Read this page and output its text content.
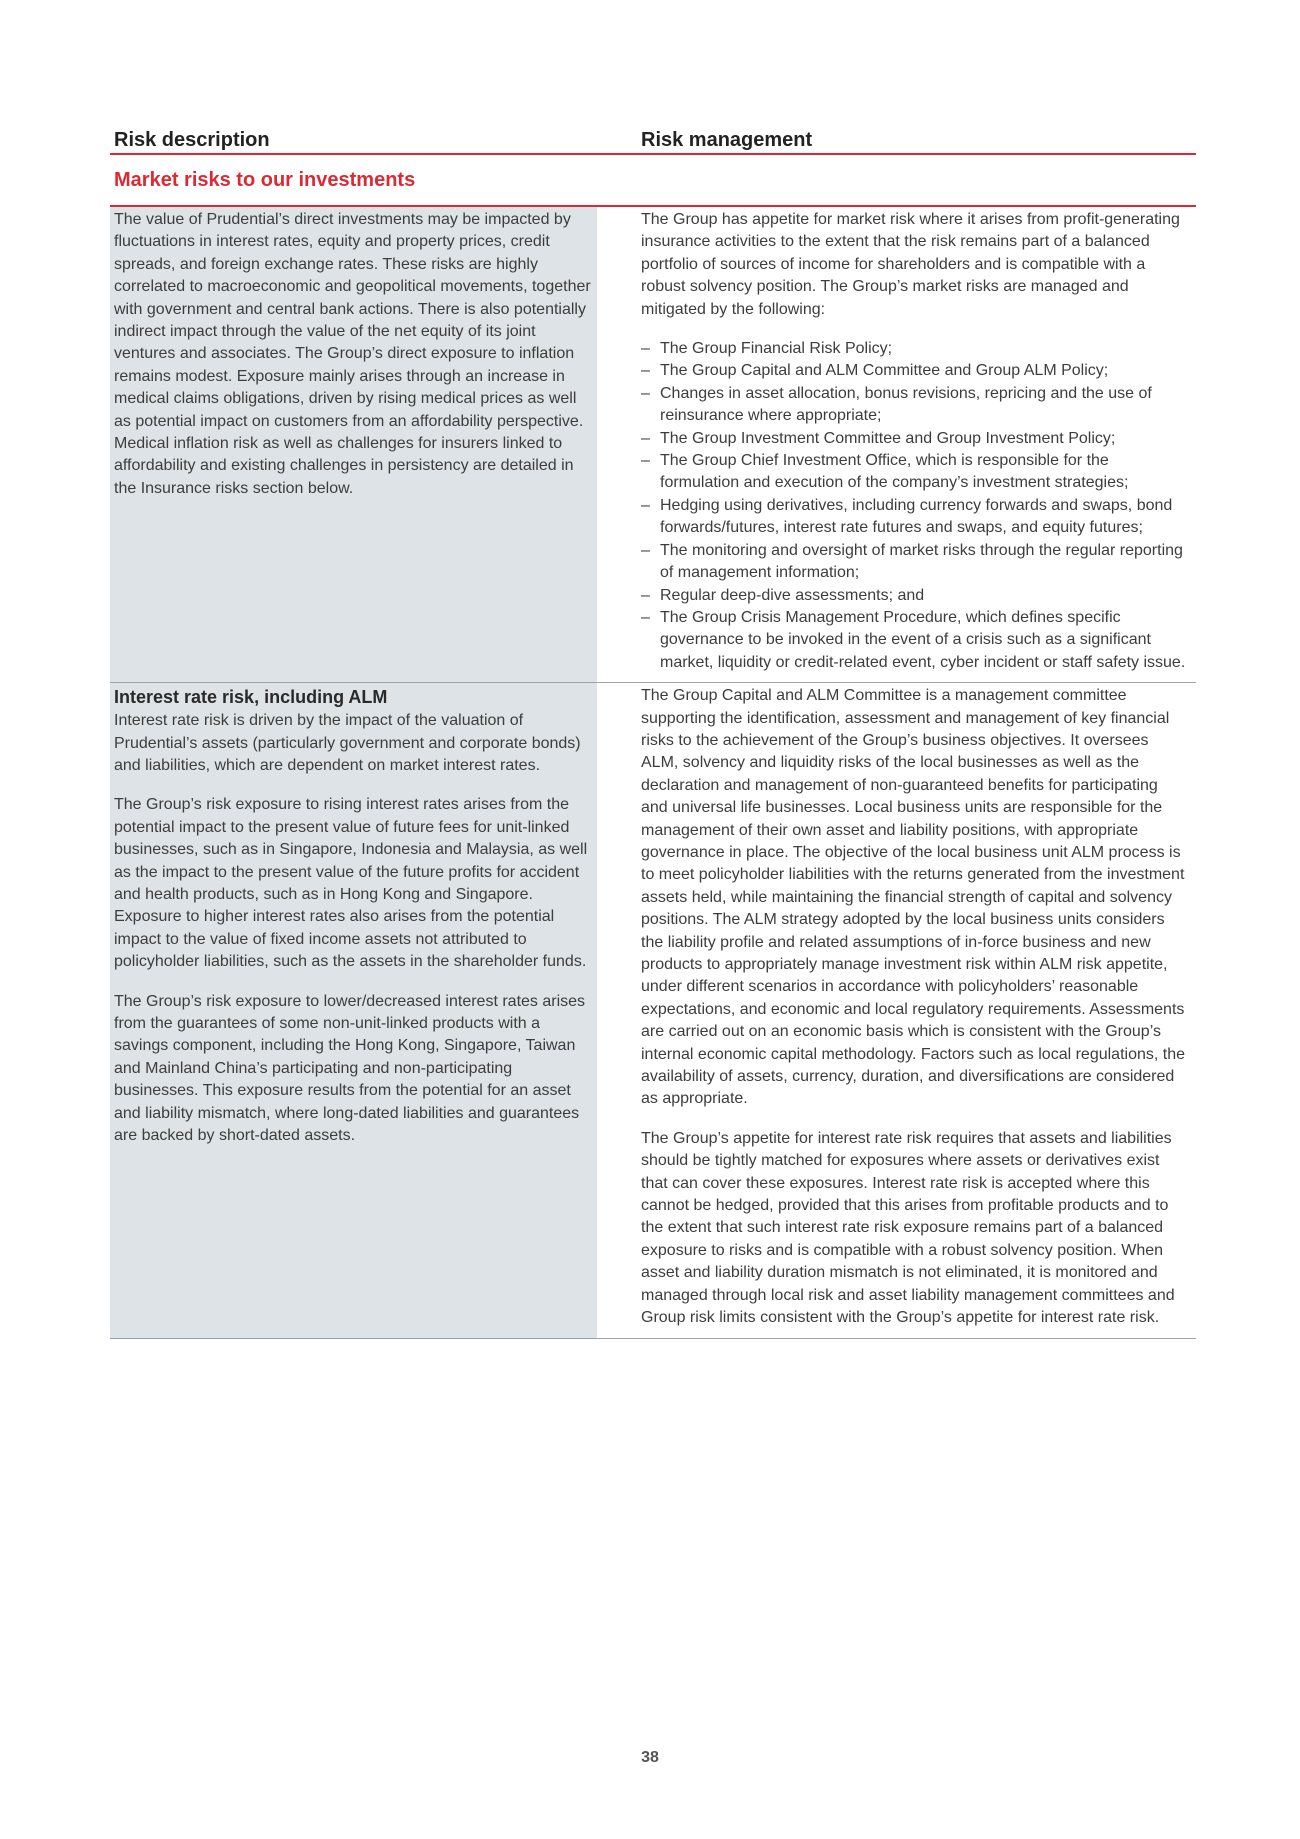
Risk description	Risk management
Market risks to our investments

The value of Prudential’s direct investments may be impacted by fluctuations in interest rates, equity and property prices, credit spreads, and foreign exchange rates. These risks are highly correlated to macroeconomic and geopolitical movements, together with government and central bank actions. There is also potentially indirect impact through the value of the net equity of its joint ventures and associates. The Group’s direct exposure to inflation remains modest. Exposure mainly arises through an increase in medical claims obligations, driven by rising medical prices as well as potential impact on customers from an affordability perspective. Medical inflation risk as well as challenges for insurers linked to affordability and existing challenges in persistency are detailed in the Insurance risks section below.

The Group has appetite for market risk where it arises from profit-generating insurance activities to the extent that the risk remains part of a balanced portfolio of sources of income for shareholders and is compatible with a robust solvency position. The Group’s market risks are managed and mitigated by the following:

– The Group Financial Risk Policy;
– The Group Capital and ALM Committee and Group ALM Policy;
– Changes in asset allocation, bonus revisions, repricing and the use of reinsurance where appropriate;
– The Group Investment Committee and Group Investment Policy;
– The Group Chief Investment Office, which is responsible for the formulation and execution of the company’s investment strategies;
– Hedging using derivatives, including currency forwards and swaps, bond forwards/futures, interest rate futures and swaps, and equity futures;
– The monitoring and oversight of market risks through the regular reporting of management information;
– Regular deep-dive assessments; and
– The Group Crisis Management Procedure, which defines specific governance to be invoked in the event of a crisis such as a significant market, liquidity or credit-related event, cyber incident or staff safety issue.
Interest rate risk, including ALM

Interest rate risk is driven by the impact of the valuation of Prudential’s assets (particularly government and corporate bonds) and liabilities, which are dependent on market interest rates.

The Group’s risk exposure to rising interest rates arises from the potential impact to the present value of future fees for unit-linked businesses, such as in Singapore, Indonesia and Malaysia, as well as the impact to the present value of the future profits for accident and health products, such as in Hong Kong and Singapore. Exposure to higher interest rates also arises from the potential impact to the value of fixed income assets not attributed to policyholder liabilities, such as the assets in the shareholder funds.

The Group’s risk exposure to lower/decreased interest rates arises from the guarantees of some non-unit-linked products with a savings component, including the Hong Kong, Singapore, Taiwan and Mainland China’s participating and non-participating businesses. This exposure results from the potential for an asset and liability mismatch, where long-dated liabilities and guarantees are backed by short-dated assets.

The Group Capital and ALM Committee is a management committee supporting the identification, assessment and management of key financial risks to the achievement of the Group’s business objectives. It oversees ALM, solvency and liquidity risks of the local businesses as well as the declaration and management of non-guaranteed benefits for participating and universal life businesses. Local business units are responsible for the management of their own asset and liability positions, with appropriate governance in place. The objective of the local business unit ALM process is to meet policyholder liabilities with the returns generated from the investment assets held, while maintaining the financial strength of capital and solvency positions. The ALM strategy adopted by the local business units considers the liability profile and related assumptions of in-force business and new products to appropriately manage investment risk within ALM risk appetite, under different scenarios in accordance with policyholders’ reasonable expectations, and economic and local regulatory requirements. Assessments are carried out on an economic basis which is consistent with the Group’s internal economic capital methodology. Factors such as local regulations, the availability of assets, currency, duration, and diversifications are considered as appropriate.

The Group’s appetite for interest rate risk requires that assets and liabilities should be tightly matched for exposures where assets or derivatives exist that can cover these exposures. Interest rate risk is accepted where this cannot be hedged, provided that this arises from profitable products and to the extent that such interest rate risk exposure remains part of a balanced exposure to risks and is compatible with a robust solvency position. When asset and liability duration mismatch is not eliminated, it is monitored and managed through local risk and asset liability management committees and Group risk limits consistent with the Group’s appetite for interest rate risk.

38
